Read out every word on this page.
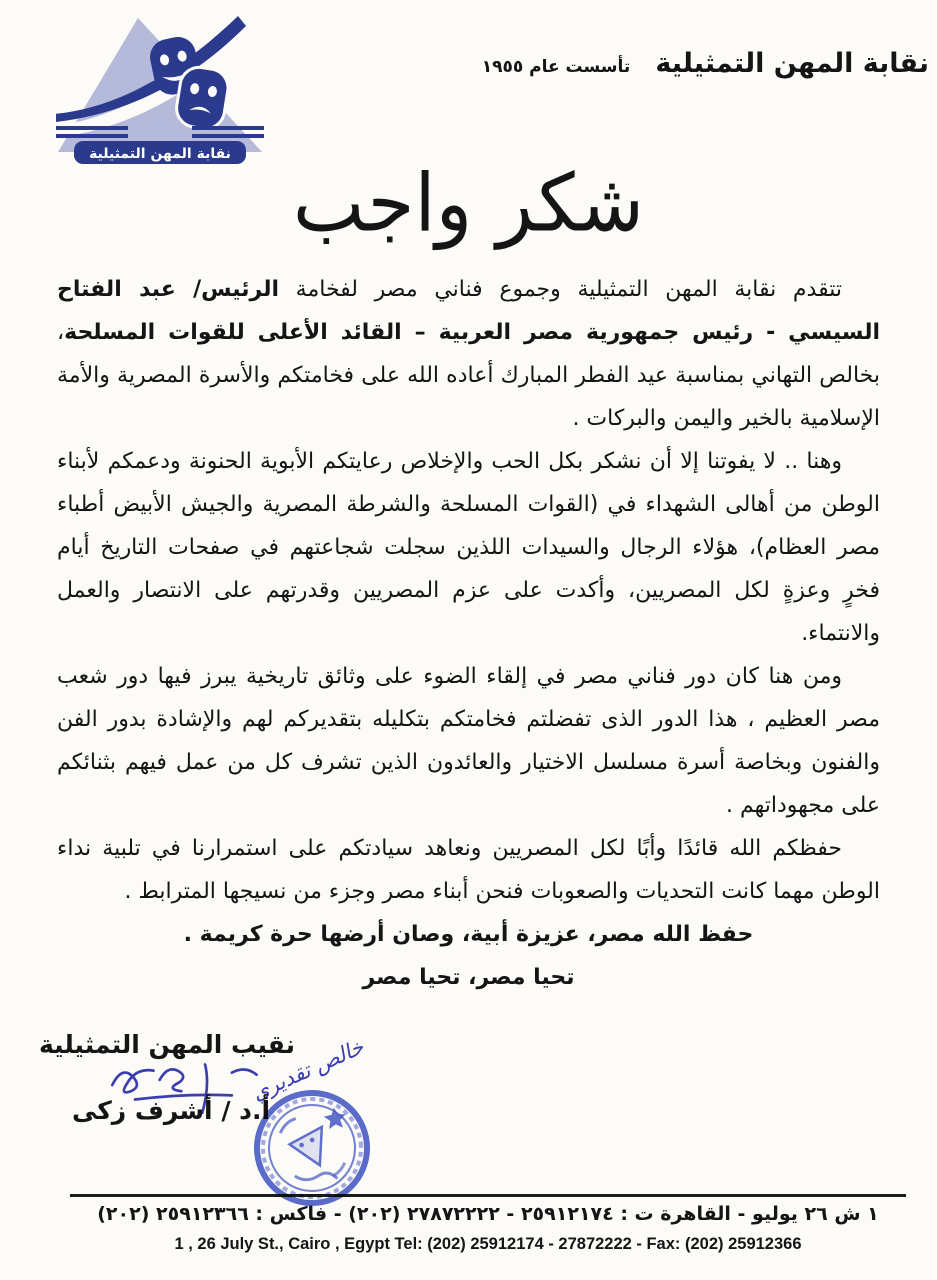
نقابة المهن التمثيلية
نقابة المهن التمثيلية تأسست عام ١٩٥٥
شكر واجب

تتقدم نقابة المهن التمثيلية وجموع فناني مصر لفخامة الرئيس/ عبد الفتاح السيسي - رئيس جمهورية مصر العربية – القائد الأعلى للقوات المسلحة، بخالص التهاني بمناسبة عيد الفطر المبارك أعاده الله على فخامتكم والأسرة المصرية والأمة الإسلامية بالخير واليمن والبركات .

وهنا .. لا يفوتنا إلا أن نشكر بكل الحب والإخلاص رعايتكم الأبوية الحنونة ودعمكم لأبناء الوطن من أهالى الشهداء في (القوات المسلحة والشرطة المصرية والجيش الأبيض أطباء مصر العظام)، هؤلاء الرجال والسيدات اللذين سجلت شجاعتهم في صفحات التاريخ أيام فخرٍ وعزةٍ لكل المصريين، وأكدت على عزم المصريين وقدرتهم على الانتصار والعمل والانتماء.

ومن هنا كان دور فناني مصر في إلقاء الضوء على وثائق تاريخية يبرز فيها دور شعب مصر العظيم ، هذا الدور الذى تفضلتم فخامتكم بتكليله بتقديركم لهم والإشادة بدور الفن والفنون وبخاصة أسرة مسلسل الاختيار والعائدون الذين تشرف كل من عمل فيهم بثنائكم على مجهوداتهم .

حفظكم الله قائدًا وأبًا لكل المصريين ونعاهد سيادتكم على استمرارنا في تلبية نداء الوطن مهما كانت التحديات والصعوبات فنحن أبناء مصر وجزء من نسيجها المترابط .

حفظ الله مصر، عزيزة أبية، وصان أرضها حرة كريمة .

تحيا مصر، تحيا مصر

نقيب المهن التمثيلية
خالص تقديري
أ.د / أشرف زكى
١ ش ٢٦ يوليو - القاهرة ت : ٢٥٩١٢١٧٤ - ٢٧٨٧٢٢٢٢ (٢٠٢) - فاكس : ٢٥٩١٢٣٦٦ (٢٠٢)
1 , 26 July St., Cairo , Egypt Tel: (202) 25912174 - 27872222 - Fax: (202) 25912366
